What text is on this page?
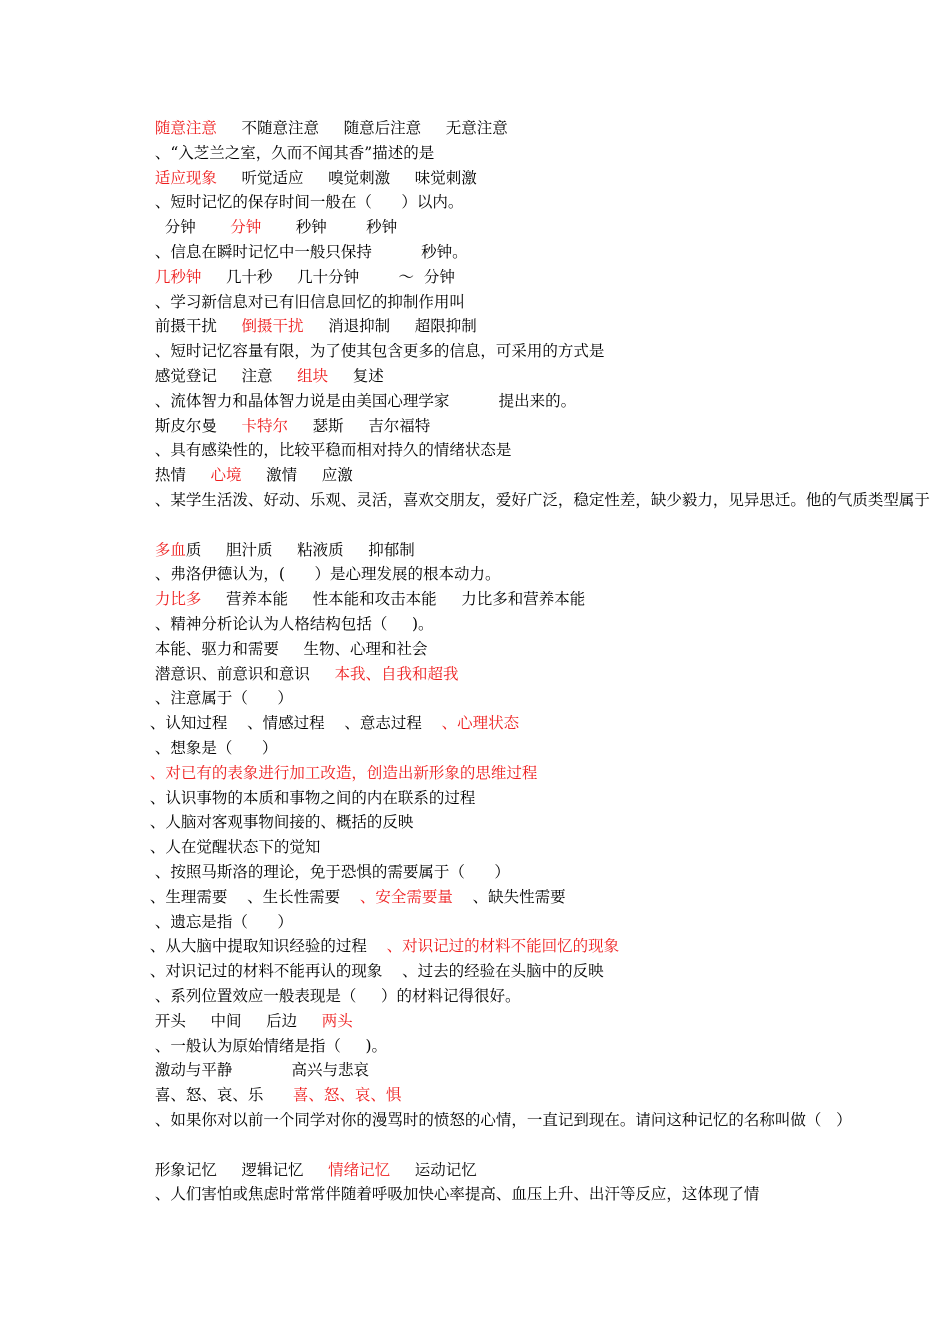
随意注意     不随意注意     随意后注意     无意注意
、“入芝兰之室，久而不闻其香”描述的是
适应现象     听觉适应     嗅觉刺激     味觉刺激
、短时记忆的保存时间一般在（      ）以内。
分钟       分钟       秒钟        秒钟
、信息在瞬时记忆中一般只保持          秒钟。
几秒钟     几十秒     几十分钟        ～  分钟
、学习新信息对已有旧信息回忆的抑制作用叫
前摄干扰     倒摄干扰     消退抑制     超限抑制
、短时记忆容量有限，为了使其包含更多的信息，可采用的方式是
感觉登记     注意     组块     复述
、流体智力和晶体智力说是由美国心理学家          提出来的。
斯皮尔曼     卡特尔     瑟斯     吉尔福特
、具有感染性的，比较平稳而相对持久的情绪状态是
热情     心境     激情     应激
、某学生活泼、好动、乐观、灵活，喜欢交朋友，爱好广泛，稳定性差，缺少毅力，见异思迁。他的气质类型属于
多血质     胆汁质     粘液质     抑郁制
、弗洛伊德认为，(      ）是心理发展的根本动力。
力比多     营养本能     性本能和攻击本能     力比多和营养本能
、精神分析论认为人格结构包括（     )。
本能、驱力和需要     生物、心理和社会
潜意识、前意识和意识     本我、自我和超我
、注意属于（      ）
、认知过程    、情感过程    、意志过程    、心理状态
、想象是（      ）
、对已有的表象进行加工改造，创造出新形象的思维过程
、认识事物的本质和事物之间的内在联系的过程
、人脑对客观事物间接的、概括的反映
、人在觉醒状态下的觉知
、按照马斯洛的理论，免于恐惧的需要属于（      ）
、生理需要    、生长性需要    、安全需要量    、缺失性需要
、遗忘是指（      ）
、从大脑中提取知识经验的过程    、对识记过的材料不能回忆的现象
、对识记过的材料不能再认的现象    、过去的经验在头脑中的反映
、系列位置效应一般表现是（     ）的材料记得很好。
开头     中间     后边     两头
、一般认为原始情绪是指（     )。
激动与平静            高兴与悲哀
喜、怒、哀、乐      喜、怒、哀、惧
、如果你对以前一个同学对你的漫骂时的愤怒的心情，一直记到现在。请问这种记忆的名称叫做（   ）
形象记忆     逻辑记忆     情绪记忆     运动记忆
、人们害怕或焦虑时常常伴随着呼吸加快心率提高、血压上升、出汗等反应，这体现了情
